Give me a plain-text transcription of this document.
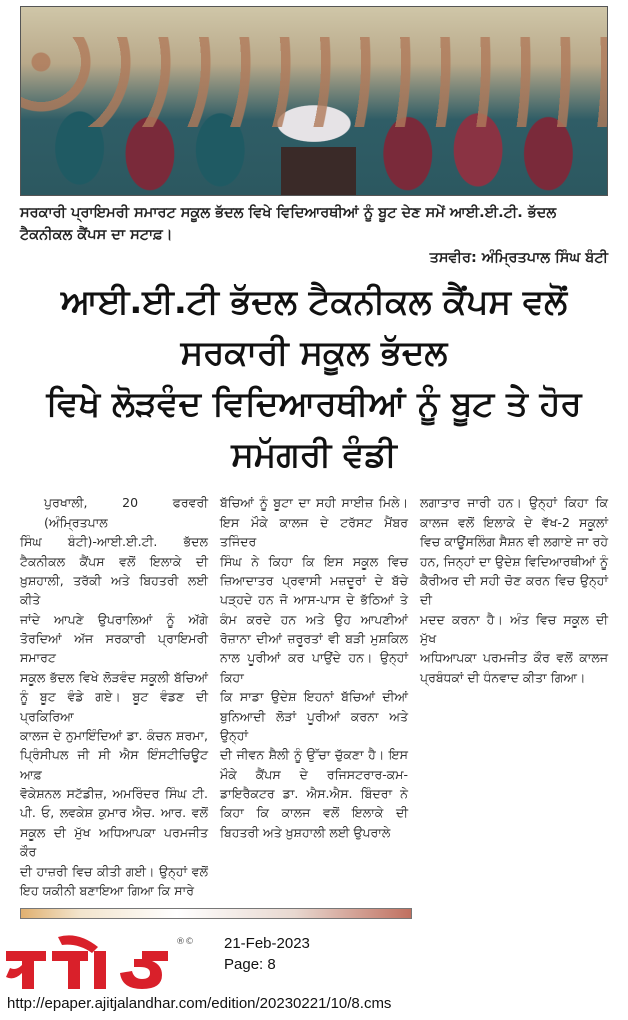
ਸਰਕਾਰੀ ਪ੍ਰਾਇਮਰੀ ਸਮਾਰਟ ਸਕੂਲ ਭੱਦਲ ਵਿਖੇ ਵਿਦਿਆਰਥੀਆਂ ਨੂੰ ਬੂਟ ਦੇਣ ਸਮੇਂ ਆਈ.ਈ.ਟੀ. ਭੱਦਲ ਟੈਕਨੀਕਲ ਕੈਂਪਸ ਦਾ ਸਟਾਫ਼।
ਤਸਵੀਰ: ਅੰਮ੍ਰਿਤਪਾਲ ਸਿੰਘ ਬੰਟੀ
ਆਈ.ਈ.ਟੀ ਭੱਦਲ ਟੈਕਨੀਕਲ ਕੈਂਪਸ ਵਲੋਂ ਸਰਕਾਰੀ ਸਕੂਲ ਭੱਦਲ
ਵਿਖੇ ਲੋੜਵੰਦ ਵਿਦਿਆਰਥੀਆਂ ਨੂੰ ਬੂਟ ਤੇ ਹੋਰ ਸਮੱਗਰੀ ਵੰਡੀ
ਪੁਰਖਾਲੀ, 20 ਫਰਵਰੀ (ਅੰਮ੍ਰਿਤਪਾਲ
ਸਿੰਘ ਬੰਟੀ)-ਆਈ.ਈ.ਟੀ. ਭੱਦਲ
ਟੈਕਨੀਕਲ ਕੈਂਪਸ ਵਲੋਂ ਇਲਾਕੇ ਦੀ
ਖ਼ੁਸ਼ਹਾਲੀ, ਤਰੱਕੀ ਅਤੇ ਬਿਹਤਰੀ ਲਈ ਕੀਤੇ
ਜਾਂਦੇ ਆਪਣੇ ਉਪਰਾਲਿਆਂ ਨੂੰ ਅੱਗੇ
ਤੋਰਦਿਆਂ ਅੱਜ ਸਰਕਾਰੀ ਪ੍ਰਾਇਮਰੀ ਸਮਾਰਟ
ਸਕੂਲ ਭੱਦਲ ਵਿਖੇ ਲੋੜਵੰਦ ਸਕੂਲੀ ਬੱਚਿਆਂ
ਨੂੰ ਬੂਟ ਵੰਡੇ ਗਏ। ਬੂਟ ਵੰਡਣ ਦੀ ਪ੍ਰਕਿਰਿਆ
ਕਾਲਜ ਦੇ ਨੁਮਾਇੰਦਿਆਂ ਡਾ. ਕੰਚਨ ਸ਼ਰਮਾ,
ਪ੍ਰਿੰਸੀਪਲ ਜੀ ਸੀ ਐਸ ਇੰਸਟੀਚਿਊਟ ਆਫ਼
ਵੋਕੇਸ਼ਨਲ ਸਟੱਡੀਜ਼, ਅਮਰਿੰਦਰ ਸਿੰਘ ਟੀ.
ਪੀ. ਓ, ਲਵਕੇਸ਼ ਕੁਮਾਰ ਐਚ. ਆਰ. ਵਲੋਂ
ਸਕੂਲ ਦੀ ਮੁੱਖ ਅਧਿਆਪਕਾ ਪਰਮਜੀਤ ਕੌਰ
ਦੀ ਹਾਜ਼ਰੀ ਵਿਚ ਕੀਤੀ ਗਈ। ਉਨ੍ਹਾਂ ਵਲੋਂ
ਇਹ ਯਕੀਨੀ ਬਣਾਇਆ ਗਿਆ ਕਿ ਸਾਰੇ
ਬੱਚਿਆਂ ਨੂੰ ਬੂਟਾ ਦਾ ਸਹੀ ਸਾਈਜ਼ ਮਿਲੇ।
ਇਸ ਮੌਕੇ ਕਾਲਜ ਦੇ ਟਰੱਸਟ ਮੈਂਬਰ ਤਜਿੰਦਰ
ਸਿੰਘ ਨੇ ਕਿਹਾ ਕਿ ਇਸ ਸਕੂਲ ਵਿਚ
ਜ਼ਿਆਦਾਤਰ ਪ੍ਰਵਾਸੀ ਮਜ਼ਦੂਰਾਂ ਦੇ ਬੱਚੇ
ਪੜ੍ਹਦੇ ਹਨ ਜੋ ਆਸ-ਪਾਸ ਦੇ ਭੱਠਿਆਂ ਤੇ
ਕੰਮ ਕਰਦੇ ਹਨ ਅਤੇ ਉਹ ਆਪਣੀਆਂ
ਰੋਜ਼ਾਨਾ ਦੀਆਂ ਜ਼ਰੂਰਤਾਂ ਵੀ ਬੜੀ ਮੁਸ਼ਕਿਲ
ਨਾਲ ਪੂਰੀਆਂ ਕਰ ਪਾਉਂਦੇ ਹਨ। ਉਨ੍ਹਾਂ ਕਿਹਾ
ਕਿ ਸਾਡਾ ਉਦੇਸ਼ ਇਹਨਾਂ ਬੱਚਿਆਂ ਦੀਆਂ
ਬੁਨਿਆਦੀ ਲੋੜਾਂ ਪੂਰੀਆਂ ਕਰਨਾ ਅਤੇ ਉਨ੍ਹਾਂ
ਦੀ ਜੀਵਨ ਸ਼ੈਲੀ ਨੂੰ ਉੱਚਾ ਚੁੱਕਣਾ ਹੈ। ਇਸ
ਮੌਕੇ ਕੈਂਪਸ ਦੇ ਰਜਿਸਟਰਾਰ-ਕਮ-
ਡਾਇਰੈਕਟਰ ਡਾ. ਐਸ.ਐਸ. ਬਿੰਦਰਾ ਨੇ
ਕਿਹਾ ਕਿ ਕਾਲਜ ਵਲੋਂ ਇਲਾਕੇ ਦੀ
ਬਿਹਤਰੀ ਅਤੇ ਖ਼ੁਸ਼ਹਾਲੀ ਲਈ ਉਪਰਾਲੇ
ਲਗਾਤਾਰ ਜਾਰੀ ਹਨ। ਉਨ੍ਹਾਂ ਕਿਹਾ ਕਿ
ਕਾਲਜ ਵਲੋਂ ਇਲਾਕੇ ਦੇ ਵੱਖ-2 ਸਕੂਲਾਂ
ਵਿਚ ਕਾਊਂਸਲਿੰਗ ਸੈਸ਼ਨ ਵੀ ਲਗਾਏ ਜਾ ਰਹੇ
ਹਨ, ਜਿਨ੍ਹਾਂ ਦਾ ਉਦੇਸ਼ ਵਿਦਿਆਰਥੀਆਂ ਨੂੰ
ਕੈਰੀਅਰ ਦੀ ਸਹੀ ਚੋਣ ਕਰਨ ਵਿਚ ਉਨ੍ਹਾਂ ਦੀ
ਮਦਦ ਕਰਨਾ ਹੈ। ਅੰਤ ਵਿਚ ਸਕੂਲ ਦੀ ਮੁੱਖ
ਅਧਿਆਪਕਾ ਪਰਮਜੀਤ ਕੌਰ ਵਲੋਂ ਕਾਲਜ
ਪ੍ਰਬੰਧਕਾਂ ਦੀ ਧੰਨਵਾਦ ਕੀਤਾ ਗਿਆ।
®© 21-Feb-2023
Page: 8
http://epaper.ajitjalandhar.com/edition/20230221/10/8.cms
